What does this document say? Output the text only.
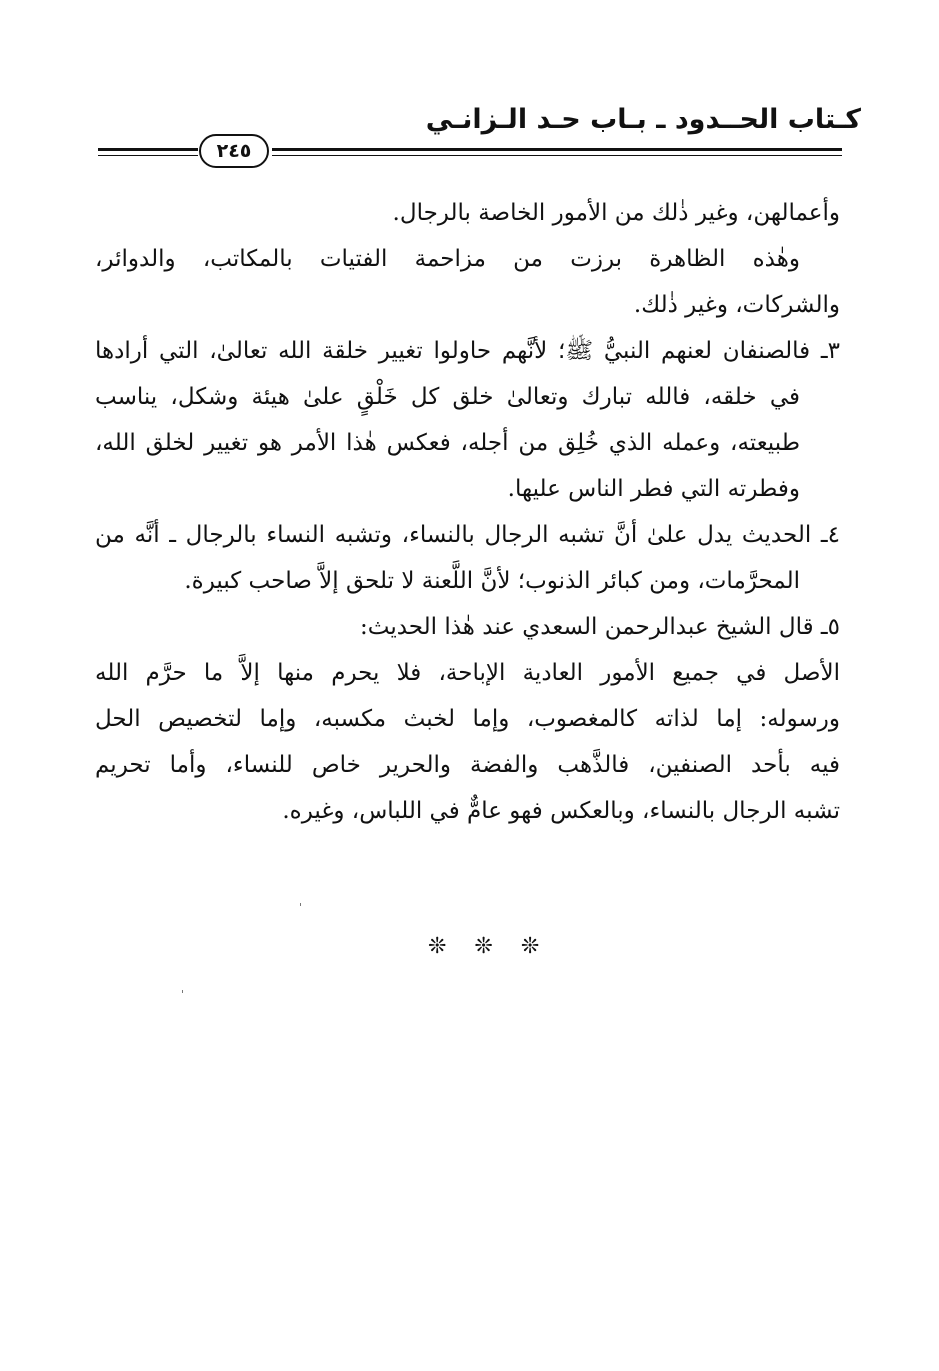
كـتاب الحــدود ـ بـاب حـد الـزانـي
٢٤٥
وأعمالهن، وغير ذٰلك من الأمور الخاصة بالرجال.
وهٰذه الظاهرة برزت من مزاحمة الفتيات بالمكاتب، والدوائر،
والشركات، وغير ذٰلك.
٣ـ فالصنفان لعنهم النبيُّ ﷺ؛ لأنَّهم حاولوا تغيير خلقة الله تعالىٰ، التي أرادها
في خلقه، فالله تبارك وتعالىٰ خلق كل خَلْقٍ علىٰ هيئة وشكل، يناسب
طبيعته، وعمله الذي خُلِق من أجله، فعكس هٰذا الأمر هو تغيير لخلق الله،
وفطرته التي فطر الناس عليها.
٤ـ الحديث يدل علىٰ أنَّ تشبه الرجال بالنساء، وتشبه النساء بالرجال ـ أنَّه من
المحرَّمات، ومن كبائر الذنوب؛ لأنَّ اللَّعنة لا تلحق إلاَّ صاحب كبيرة.
٥ـ قال الشيخ عبدالرحمن السعدي عند هٰذا الحديث:
الأصل في جميع الأمور العادية الإباحة، فلا يحرم منها إلاَّ ما حرَّم الله
ورسوله: إما لذاته كالمغصوب، وإما لخبث مكسبه، وإما لتخصيص الحل
فيه بأحد الصنفين، فالذَّهب والفضة والحرير خاص للنساء، وأما تحريم
تشبه الرجال بالنساء، وبالعكس فهو عامٌّ في اللباس، وغيره.
❊❊❊
